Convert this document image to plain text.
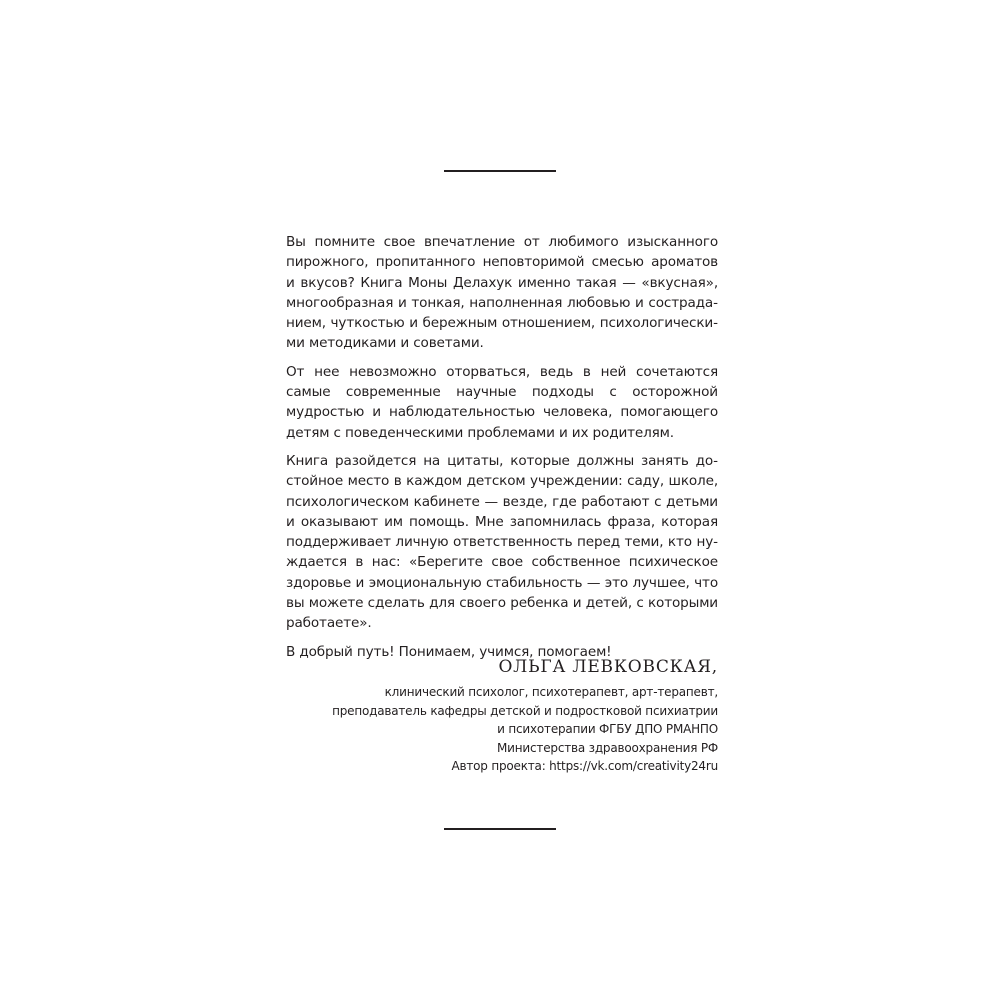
Вы помните свое впечатление от любимого изысканного пирожного, пропитанного неповторимой смесью ароматов и вкусов? Книга Моны Делахук именно такая — «вкусная», многообразная и тонкая, наполненная любовью и состраданием, чуткостью и бережным отношением, психологическими методиками и советами.

От нее невозможно оторваться, ведь в ней сочетаются самые современные научные подходы с осторожной мудростью и наблюдательностью человека, помогающего детям с поведенческими проблемами и их родителям.

Книга разойдется на цитаты, которые должны занять достойное место в каждом детском учреждении: саду, школе, психологическом кабинете — везде, где работают с детьми и оказывают им помощь. Мне запомнилась фраза, которая поддерживает личную ответственность перед теми, кто нуждается в нас: «Берегите свое собственное психическое здоровье и эмоциональную стабильность — это лучшее, что вы можете сделать для своего ребенка и детей, с которыми работаете».

В добрый путь! Понимаем, учимся, помогаем!

ОЛЬГА ЛЕВКОВСКАЯ,

клинический психолог, психотерапевт, арт-терапевт,

преподаватель кафедры детской и подростковой психиатрии

и психотерапии ФГБУ ДПО РМАНПО

Министерства здравоохранения РФ

Автор проекта: https://vk.com/creativity24ru
